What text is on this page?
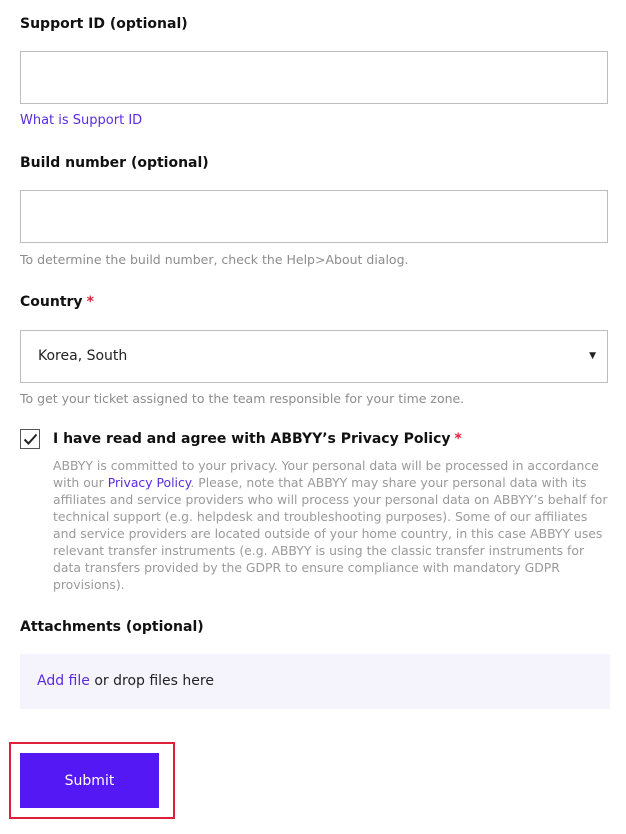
Support ID (optional)
What is Support ID
Build number (optional)
To determine the build number, check the Help>About dialog.
Country *
Korea, South	▼
To get your ticket assigned to the team responsible for your time zone.
I have read and agree with ABBYY’s Privacy Policy *
ABBYY is committed to your privacy. Your personal data will be processed in accordance with our Privacy Policy. Please, note that ABBYY may share your personal data with its affiliates and service providers who will process your personal data on ABBYY’s behalf for technical support (e.g. helpdesk and troubleshooting purposes). Some of our affiliates and service providers are located outside of your home country, in this case ABBYY uses relevant transfer instruments (e.g. ABBYY is using the classic transfer instruments for data transfers provided by the GDPR to ensure compliance with mandatory GDPR provisions).
Attachments (optional)
Add file or drop files here
Submit
